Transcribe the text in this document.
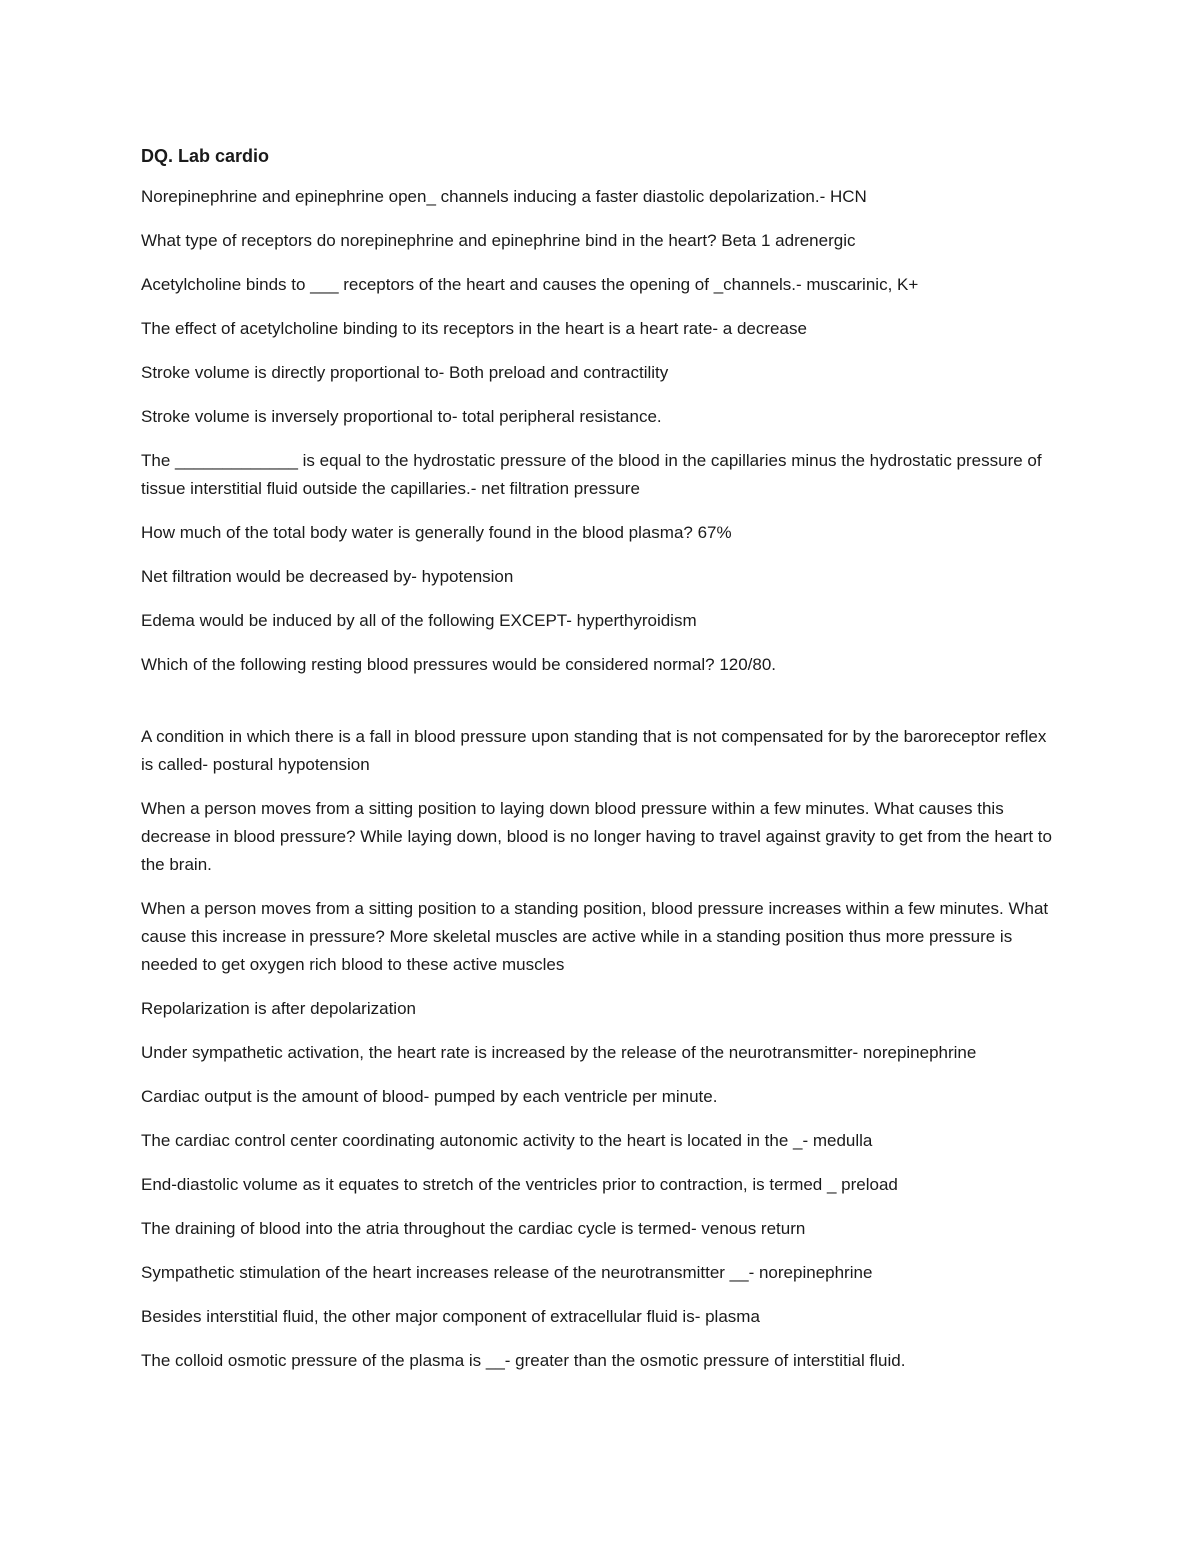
DQ. Lab cardio
Norepinephrine and epinephrine open_ channels inducing a faster diastolic depolarization.- HCN
What type of receptors do norepinephrine and epinephrine bind in the heart? Beta 1 adrenergic
Acetylcholine binds to ___ receptors of the heart and causes the opening of _channels.- muscarinic, K+
The effect of acetylcholine binding to its receptors in the heart is a heart rate- a decrease
Stroke volume is directly proportional to- Both preload and contractility
Stroke volume is inversely proportional to- total peripheral resistance.
The _____________ is equal to the hydrostatic pressure of the blood in the capillaries minus the hydrostatic pressure of tissue interstitial fluid outside the capillaries.- net filtration pressure
How much of the total body water is generally found in the blood plasma? 67%
Net filtration would be decreased by- hypotension
Edema would be induced by all of the following EXCEPT- hyperthyroidism
Which of the following resting blood pressures would be considered normal? 120/80.
A condition in which there is a fall in blood pressure upon standing that is not compensated for by the baroreceptor reflex is called- postural hypotension
When a person moves from a sitting position to laying down blood pressure within a few minutes. What causes this decrease in blood pressure? While laying down, blood is no longer having to travel against gravity to get from the heart to the brain.
When a person moves from a sitting position to a standing position, blood pressure increases within a few minutes. What cause this increase in pressure? More skeletal muscles are active while in a standing position thus more pressure is needed to get oxygen rich blood to these active muscles
Repolarization is after depolarization
Under sympathetic activation, the heart rate is increased by the release of the neurotransmitter- norepinephrine
Cardiac output is the amount of blood- pumped by each ventricle per minute.
The cardiac control center coordinating autonomic activity to the heart is located in the _- medulla
End-diastolic volume as it equates to stretch of the ventricles prior to contraction, is termed _ preload
The draining of blood into the atria throughout the cardiac cycle is termed- venous return
Sympathetic stimulation of the heart increases release of the neurotransmitter __- norepinephrine
Besides interstitial fluid, the other major component of extracellular fluid is- plasma
The colloid osmotic pressure of the plasma is __- greater than the osmotic pressure of interstitial fluid.
